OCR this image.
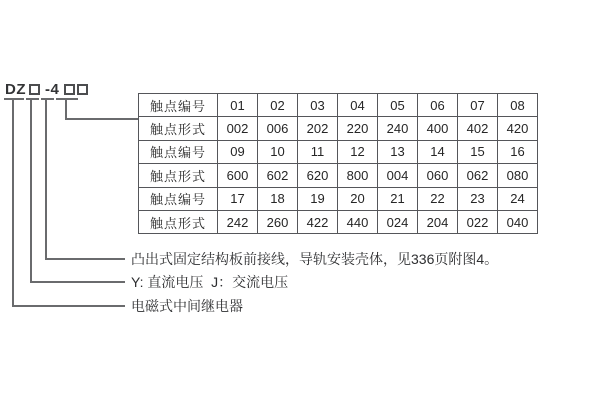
DZ -4
触点编号	01	02	03	04	05	06	07	08
触点形式	002	006	202	220	240	400	402	420
触点编号	09	10	11	12	13	14	15	16
触点形式	600	602	620	800	004	060	062	080
触点编号	17	18	19	20	21	22	23	24
触点形式	242	260	422	440	024	204	022	040
凸出式固定结构板前接线，导轨安装壳体，见336页附图4。
Y: 直流电压  J：交流电压
电磁式中间继电器
